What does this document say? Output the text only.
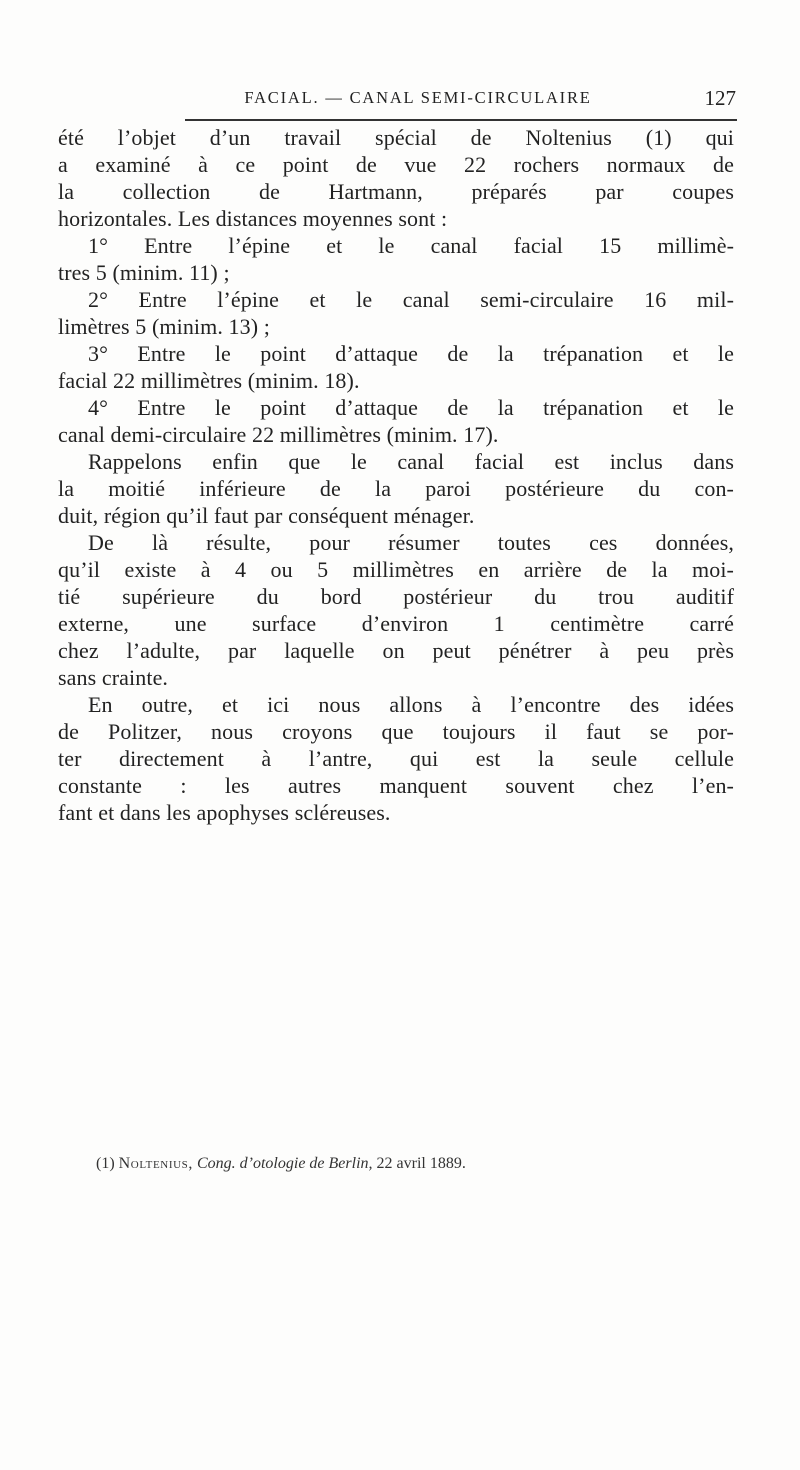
FACIAL. — CANAL SEMI-CIRCULAIRE	127
été l’objet d’un travail spécial de Noltenius (1) qui
a examiné à ce point de vue 22 rochers normaux de
la collection de Hartmann, préparés par coupes
horizontales. Les distances moyennes sont :
1° Entre l’épine et le canal facial 15 millimè-
tres 5 (minim. 11) ;
2° Entre l’épine et le canal semi-circulaire 16 mil-
limètres 5 (minim. 13) ;
3° Entre le point d’attaque de la trépanation et le
facial 22 millimètres (minim. 18).
4° Entre le point d’attaque de la trépanation et le
canal demi-circulaire 22 millimètres (minim. 17).
Rappelons enfin que le canal facial est inclus dans
la moitié inférieure de la paroi postérieure du con-
duit, région qu’il faut par conséquent ménager.
De là résulte, pour résumer toutes ces données,
qu’il existe à 4 ou 5 millimètres en arrière de la moi-
tié supérieure du bord postérieur du trou auditif
externe, une surface d’environ 1 centimètre carré
chez l’adulte, par laquelle on peut pénétrer à peu près
sans crainte.
En outre, et ici nous allons à l’encontre des idées
de Politzer, nous croyons que toujours il faut se por-
ter directement à l’antre, qui est la seule cellule
constante : les autres manquent souvent chez l’en-
fant et dans les apophyses scléreuses.
(1) Noltenius, Cong. d’otologie de Berlin, 22 avril 1889.
